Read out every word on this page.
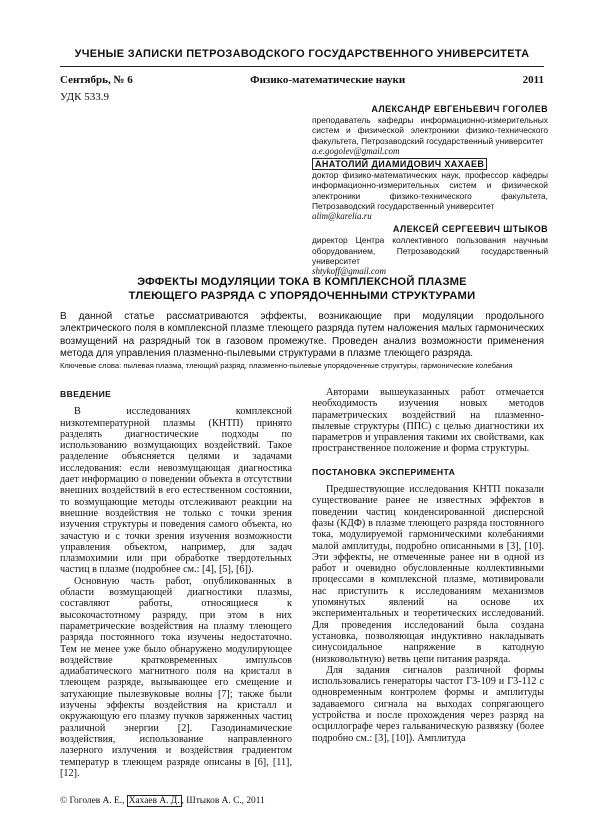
УЧЕНЫЕ ЗАПИСКИ ПЕТРОЗАВОДСКОГО ГОСУДАРСТВЕННОГО УНИВЕРСИТЕТА
Сентябрь, № 6	Физико-математические науки	2011
УДК 533.9
АЛЕКСАНДР ЕВГЕНЬЕВИЧ ГОГОЛЕВ
преподаватель кафедры информационно-измерительных систем и физической электроники физико-технического факультета, Петрозаводский государственный университет
a.e.gogolev@gmail.com
АНАТОЛИЙ ДИАМИДОВИЧ ХАХАЕВ
доктор физико-математических наук, профессор кафедры информационно-измерительных систем и физической электроники физико-технического факультета, Петрозаводский государственный университет
alim@karelia.ru
АЛЕКСЕЙ СЕРГЕЕВИЧ ШТЫКОВ
директор Центра коллективного пользования научным оборудованием, Петрозаводский государственный университет
shtykoff@gmail.com
ЭФФЕКТЫ МОДУЛЯЦИИ ТОКА В КОМПЛЕКСНОЙ ПЛАЗМЕ
ТЛЕЮЩЕГО РАЗРЯДА С УПОРЯДОЧЕННЫМИ СТРУКТУРАМИ
В данной статье рассматриваются эффекты, возникающие при модуляции продольного электрического поля в комплексной плазме тлеющего разряда путем наложения малых гармонических возмущений на разрядный ток в газовом промежутке. Проведен анализ возможности применения метода для управления плазменно-пылевыми структурами в плазме тлеющего разряда.
Ключевые слова: пылевая плазма, тлеющий разряд, плазменно-пылевые упорядоченные структуры, гармонические колебания
ВВЕДЕНИЕ

В исследованиях комплексной низкотемпературной плазмы (КНТП) принято разделять диагностические подходы по использованию возмущающих воздействий. Такое разделение объясняется целями и задачами исследования: если невозмущающая диагностика дает информацию о поведении объекта в отсутствии внешних воздействий в его естественном состоянии, то возмущающие методы отслеживают реакции на внешние воздействия не только с точки зрения изучения структуры и поведения самого объекта, но зачастую и с точки зрения изучения возможности управления объектом, например, для задач плазмохимии или при обработке твердотельных частиц в плазме (подробнее см.: [4], [5], [6]).

Основную часть работ, опубликованных в области возмущающей диагностики плазмы, составляют работы, относящиеся к высокочастотному разряду, при этом в них параметрические воздействия на плазму тлеющего разряда постоянного тока изучены недостаточно. Тем не менее уже было обнаружено модулирующее воздействие кратковременных импульсов адиабатического магнитного поля на кристалл в тлеющем разряде, вызывающее его смещение и затухающие пылезвуковые волны [7]; также были изучены эффекты воздействия на кристалл и окружающую его плазму пучков заряженных частиц различной энергии [2]. Газодинамические воздействия, использование направленного лазерного излучения и воздействия градиентом температур в тлеющем разряде описаны в [6], [11], [12].

Авторами вышеуказанных работ отмечается необходимость изучения новых методов параметрических воздействий на плазменно-пылевые структуры (ППС) с целью диагностики их параметров и управления такими их свойствами, как пространственное положение и форма структуры.

ПОСТАНОВКА ЭКСПЕРИМЕНТА

Предшествующие исследования КНТП показали существование ранее не известных эффектов в поведении частиц конденсированной дисперсной фазы (КДФ) в плазме тлеющего разряда постоянного тока, модулируемой гармоническими колебаниями малой амплитуды, подробно описанными в [3], [10]. Эти эффекты, не отмеченные ранее ни в одной из работ и очевидно обусловленные коллективными процессами в комплексной плазме, мотивировали нас приступить к исследованиям механизмов упомянутых явлений на основе их экспериментальных и теоретических исследований. Для проведения исследований была создана установка, позволяющая индуктивно накладывать синусоидальное напряжение в катодную (низковольтную) ветвь цепи питания разряда.

Для задания сигналов различной формы использовались генераторы частот Г3-109 и Г3-112 с одновременным контролем формы и амплитуды задаваемого сигнала на выходах сопрягающего устройства и после прохождения через разряд на осциллографе через гальваническую развязку (более подробно см.: [3], [10]). Амплитуда

© Гоголев А. Е., Хахаев А. Д. , Штыков А. С., 2011
